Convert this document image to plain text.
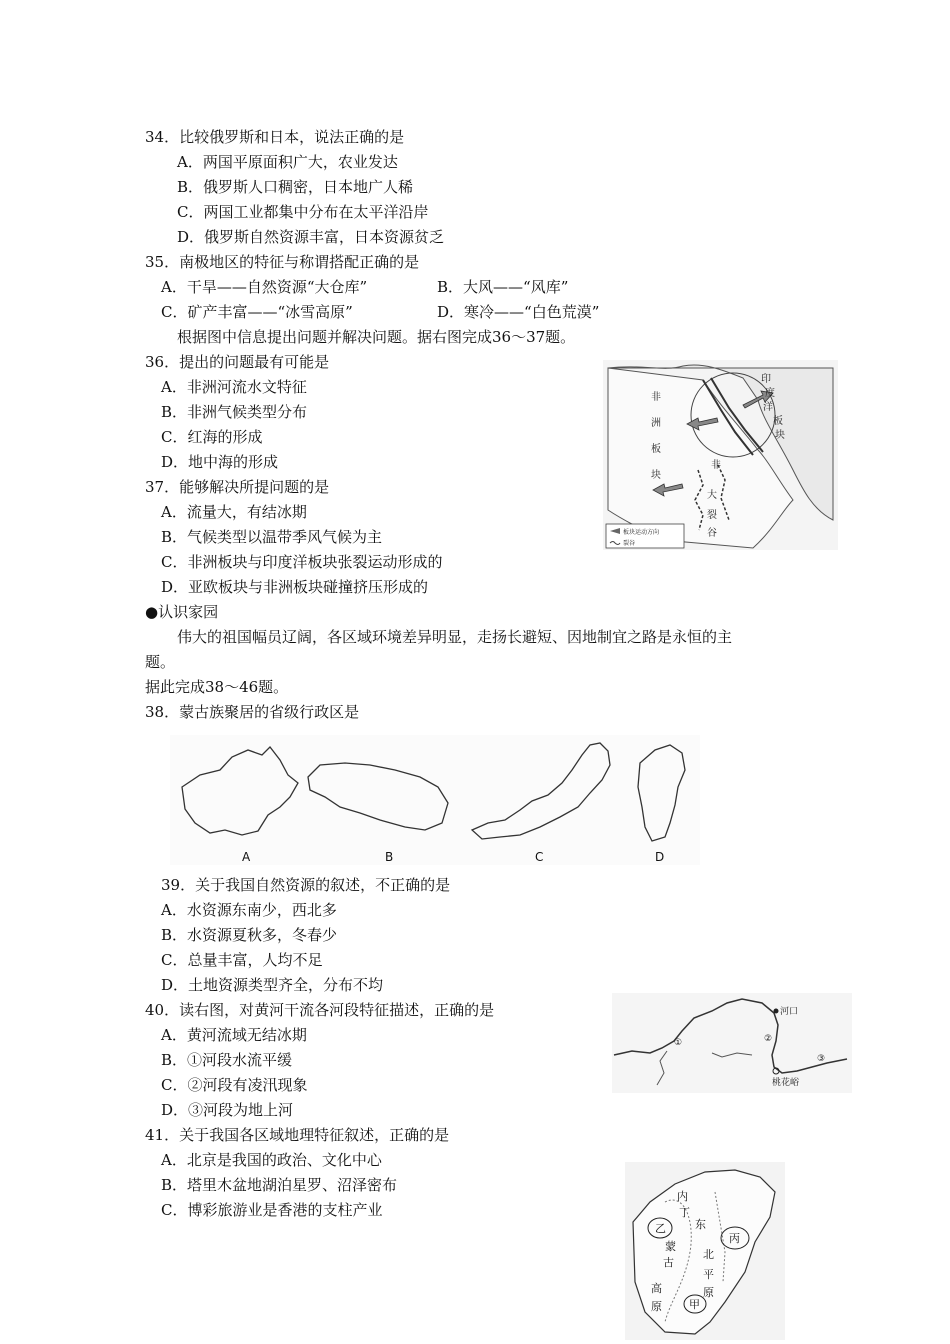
34．比较俄罗斯和日本，说法正确的是
A．两国平原面积广大，农业发达
B．俄罗斯人口稠密，日本地广人稀
C．两国工业都集中分布在太平洋沿岸
D．俄罗斯自然资源丰富，日本资源贫乏
35．南极地区的特征与称谓搭配正确的是
A．干旱——自然资源“大仓库”	B．大风——“风库”
C．矿产丰富——“冰雪高原”	D．寒冷——“白色荒漠”
根据图中信息提出问题并解决问题。据右图完成36～37题。
36．提出的问题最有可能是
A．非洲河流水文特征
B．非洲气候类型分布
C．红海的形成
D．地中海的形成
37．能够解决所提问题的是
A．流量大，有结冰期
B．气候类型以温带季风气候为主
C．非洲板块与印度洋板块张裂运动形成的
D．亚欧板块与非洲板块碰撞挤压形成的
●认识家园
伟大的祖国幅员辽阔，各区域环境差异明显，走扬长避短、因地制宜之路是永恒的主
题。
据此完成38～46题。
38．蒙古族聚居的省级行政区是
39．关于我国自然资源的叙述，不正确的是
A．水资源东南少，西北多
B．水资源夏秋多，冬春少
C．总量丰富，人均不足
D．土地资源类型齐全，分布不均
40．读右图，对黄河干流各河段特征描述，正确的是
A．黄河流域无结冰期
B．①河段水流平缓
C．②河段有凌汛现象
D．③河段为地上河
41．关于我国各区域地理特征叙述，正确的是
A．北京是我国的政治、文化中心
B．塔里木盆地湖泊星罗、沼泽密布
C．博彩旅游业是香港的支柱产业
印
度
洋
板
块
非
洲
板
块
非
大
裂
谷
板块运动方向
裂谷
A	B	C	D
河口
①	②
③
桃花峪
内
丁
乙
蒙
古
东
丙
北
平
高
原
原
甲
